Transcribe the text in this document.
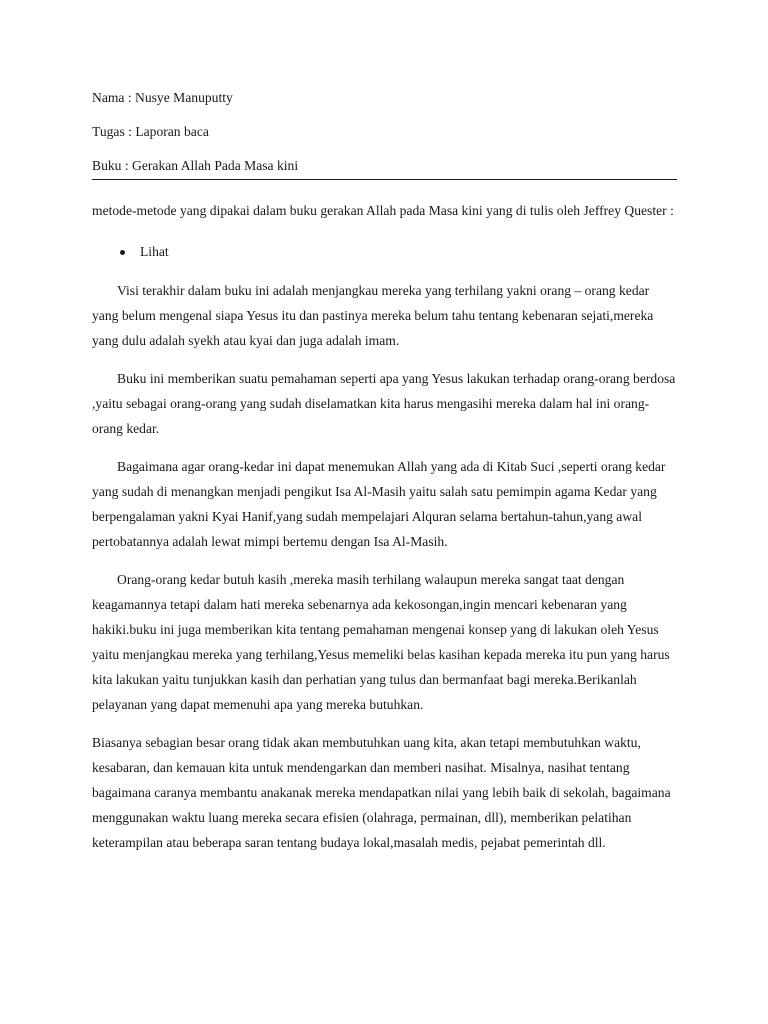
Nama : Nusye Manuputty
Tugas : Laporan baca
Buku : Gerakan Allah Pada Masa kini
metode-metode yang dipakai dalam buku gerakan Allah pada Masa kini yang di tulis oleh Jeffrey Quester :
Lihat

Visi terakhir dalam buku ini adalah menjangkau mereka yang terhilang yakni orang – orang kedar yang belum mengenal siapa Yesus itu dan pastinya mereka belum tahu tentang kebenaran sejati,mereka yang dulu adalah syekh atau kyai dan juga adalah imam.

Buku ini memberikan suatu pemahaman seperti apa yang Yesus lakukan terhadap orang-orang berdosa ,yaitu sebagai orang-orang yang sudah diselamatkan kita harus mengasihi mereka dalam hal ini orang-orang kedar.

Bagaimana agar orang-kedar ini dapat menemukan Allah yang ada di Kitab Suci ,seperti orang kedar yang sudah di menangkan menjadi pengikut Isa Al-Masih yaitu salah satu pemimpin agama Kedar yang berpengalaman yakni Kyai Hanif,yang sudah mempelajari Alquran selama bertahun-tahun,yang awal pertobatannya adalah lewat mimpi bertemu dengan Isa Al-Masih.

Orang-orang kedar butuh kasih ,mereka masih terhilang walaupun mereka sangat taat dengan keagamannya tetapi dalam hati mereka sebenarnya ada kekosongan,ingin mencari kebenaran yang hakiki.buku ini juga memberikan kita tentang pemahaman mengenai konsep yang di lakukan oleh Yesus yaitu menjangkau mereka yang terhilang,Yesus memeliki belas kasihan kepada mereka itu pun yang harus kita lakukan yaitu tunjukkan kasih dan perhatian yang tulus dan bermanfaat bagi mereka.Berikanlah pelayanan yang dapat memenuhi apa yang mereka butuhkan.

Biasanya sebagian besar orang tidak akan membutuhkan uang kita, akan tetapi membutuhkan waktu, kesabaran, dan kemauan kita untuk mendengarkan dan memberi nasihat. Misalnya, nasihat tentang bagaimana caranya membantu anakanak mereka mendapatkan nilai yang lebih baik di sekolah, bagaimana menggunakan waktu luang mereka secara efisien (olahraga, permainan, dll), memberikan pelatihan keterampilan atau beberapa saran tentang budaya lokal,masalah medis, pejabat pemerintah dll.
